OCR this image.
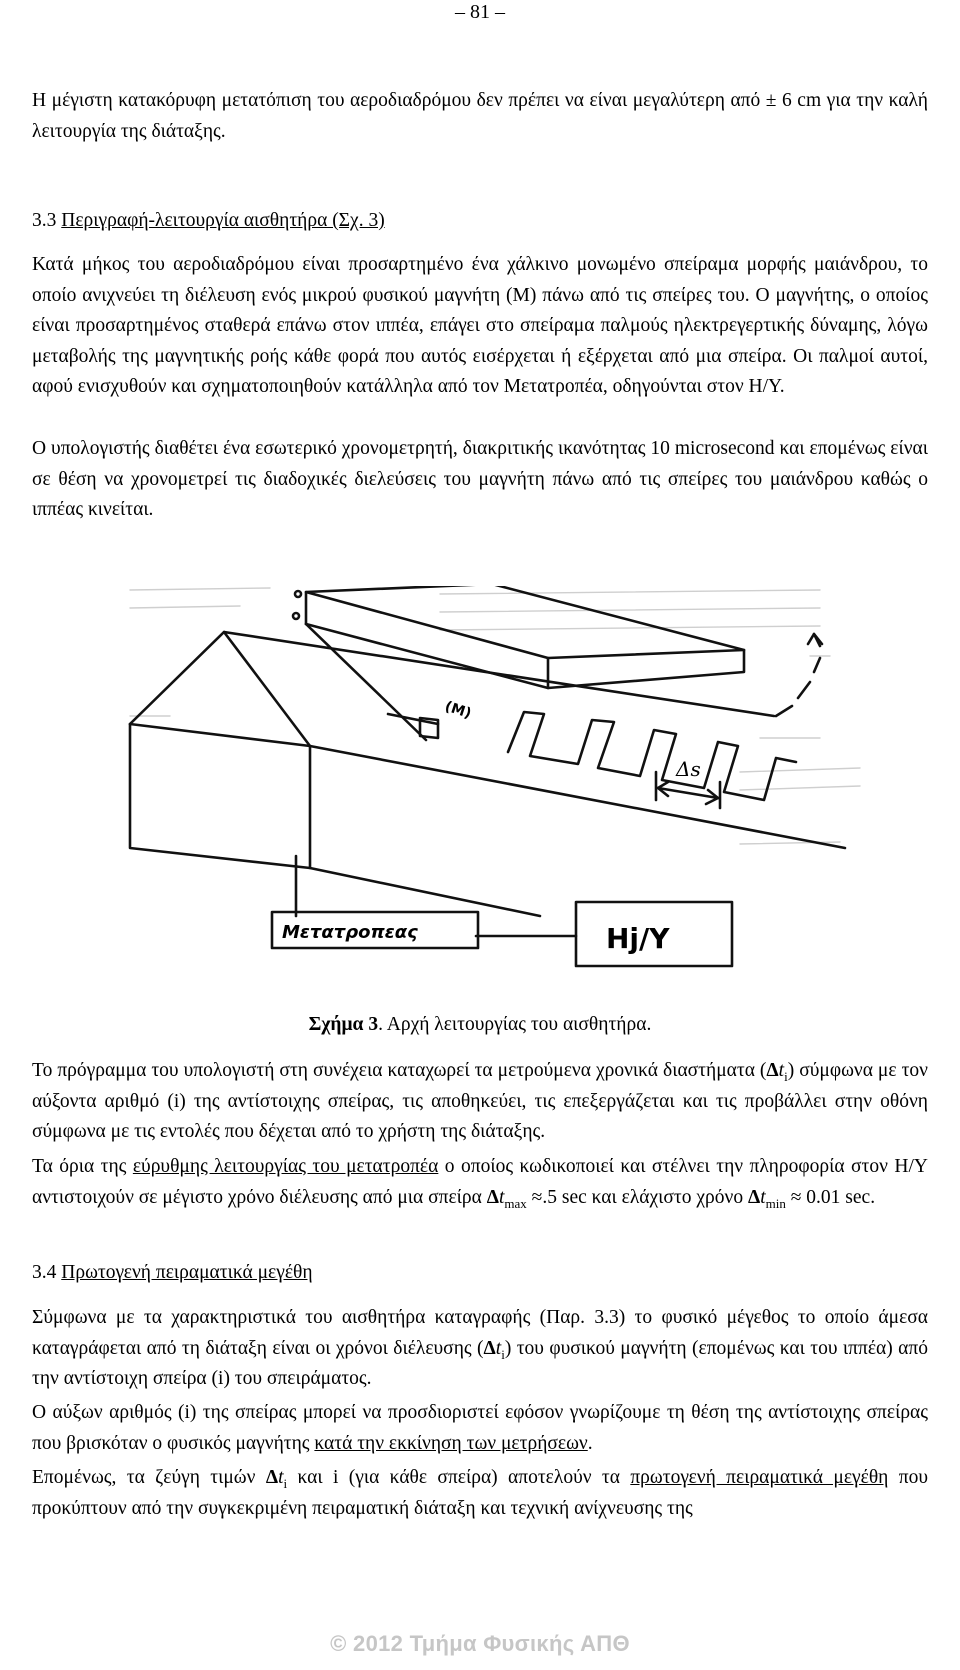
– 81 –

Η μέγιστη κατακόρυφη μετατόπιση του αεροδιαδρόμου δεν πρέπει να είναι μεγαλύτερη από ± 6 cm για την καλή λειτουργία της διάταξης.

3.3 Περιγραφή-λειτουργία αισθητήρα (Σχ. 3)

Κατά μήκος του αεροδιαδρόμου είναι προσαρτημένο ένα χάλκινο μονωμένο σπείραμα μορφής μαιάνδρου, το οποίο ανιχνεύει τη διέλευση ενός μικρού φυσικού μαγνήτη (Μ) πάνω από τις σπείρες του. Ο μαγνήτης, ο οποίος είναι προσαρτημένος σταθερά επάνω στον ιππέα, επάγει στο σπείραμα παλμούς ηλεκτρεγερτικής δύναμης, λόγω μεταβολής της μαγνητικής ροής κάθε φορά που αυτός εισέρχεται ή εξέρχεται από μια σπείρα. Οι παλμοί αυτοί, αφού ενισχυθούν και σχηματοποιηθούν κατάλληλα από τον Μετατροπέα, οδηγούνται στον Η/Υ.

Ο υπολογιστής διαθέτει ένα εσωτερικό χρονομετρητή, διακριτικής ικανότητας 10 microsecond και επομένως είναι σε θέση να χρονομετρεί τις διαδοχικές διελεύσεις του μαγνήτη πάνω από τις σπείρες του μαιάνδρου καθώς ο ιππέας κινείται.

(M)
Δs
Μετατροπεας	Hj/Y
Σχήμα 3. Αρχή λειτουργίας του αισθητήρα.

Το πρόγραμμα του υπολογιστή στη συνέχεια καταχωρεί τα μετρούμενα χρονικά διαστήματα $(\Delta t_i)$ σύμφωνα με τον αύξοντα αριθμό (i) της αντίστοιχης σπείρας, τις αποθηκεύει, τις επεξεργάζεται και τις προβάλλει στην οθόνη σύμφωνα με τις εντολές που δέχεται από το χρήστη της διάταξης.

Τα όρια της εύρυθμης λειτουργίας του μετατροπέα ο οποίος κωδικοποιεί και στέλνει την πληροφορία στον Η/Υ αντιστοιχούν σε μέγιστο χρόνο διέλευσης από μια σπείρα $\Delta t_{max} \approx.5$ sec και ελάχιστο χρόνο $\Delta t_{min} \approx 0.01$ sec.

3.4 Πρωτογενή πειραματικά μεγέθη

Σύμφωνα με τα χαρακτηριστικά του αισθητήρα καταγραφής (Παρ. 3.3) το φυσικό μέγεθος το οποίο άμεσα καταγράφεται από τη διάταξη είναι οι χρόνοι διέλευσης $(\Delta t_i)$ του φυσικού μαγνήτη (επομένως και του ιππέα) από την αντίστοιχη σπείρα (i) του σπειράματος.

Ο αύξων αριθμός (i) της σπείρας μπορεί να προσδιοριστεί εφόσον γνωρίζουμε τη θέση της αντίστοιχης σπείρας που βρισκόταν ο φυσικός μαγνήτης κατά την εκκίνηση των μετρήσεων.

Επομένως, τα ζεύγη τιμών $\Delta t_i$ και i (για κάθε σπείρα) αποτελούν τα πρωτογενή πειραματικά μεγέθη που προκύπτουν από την συγκεκριμένη πειραματική διάταξη και τεχνική ανίχνευσης της

© 2012 Τμήμα Φυσικής ΑΠΘ
